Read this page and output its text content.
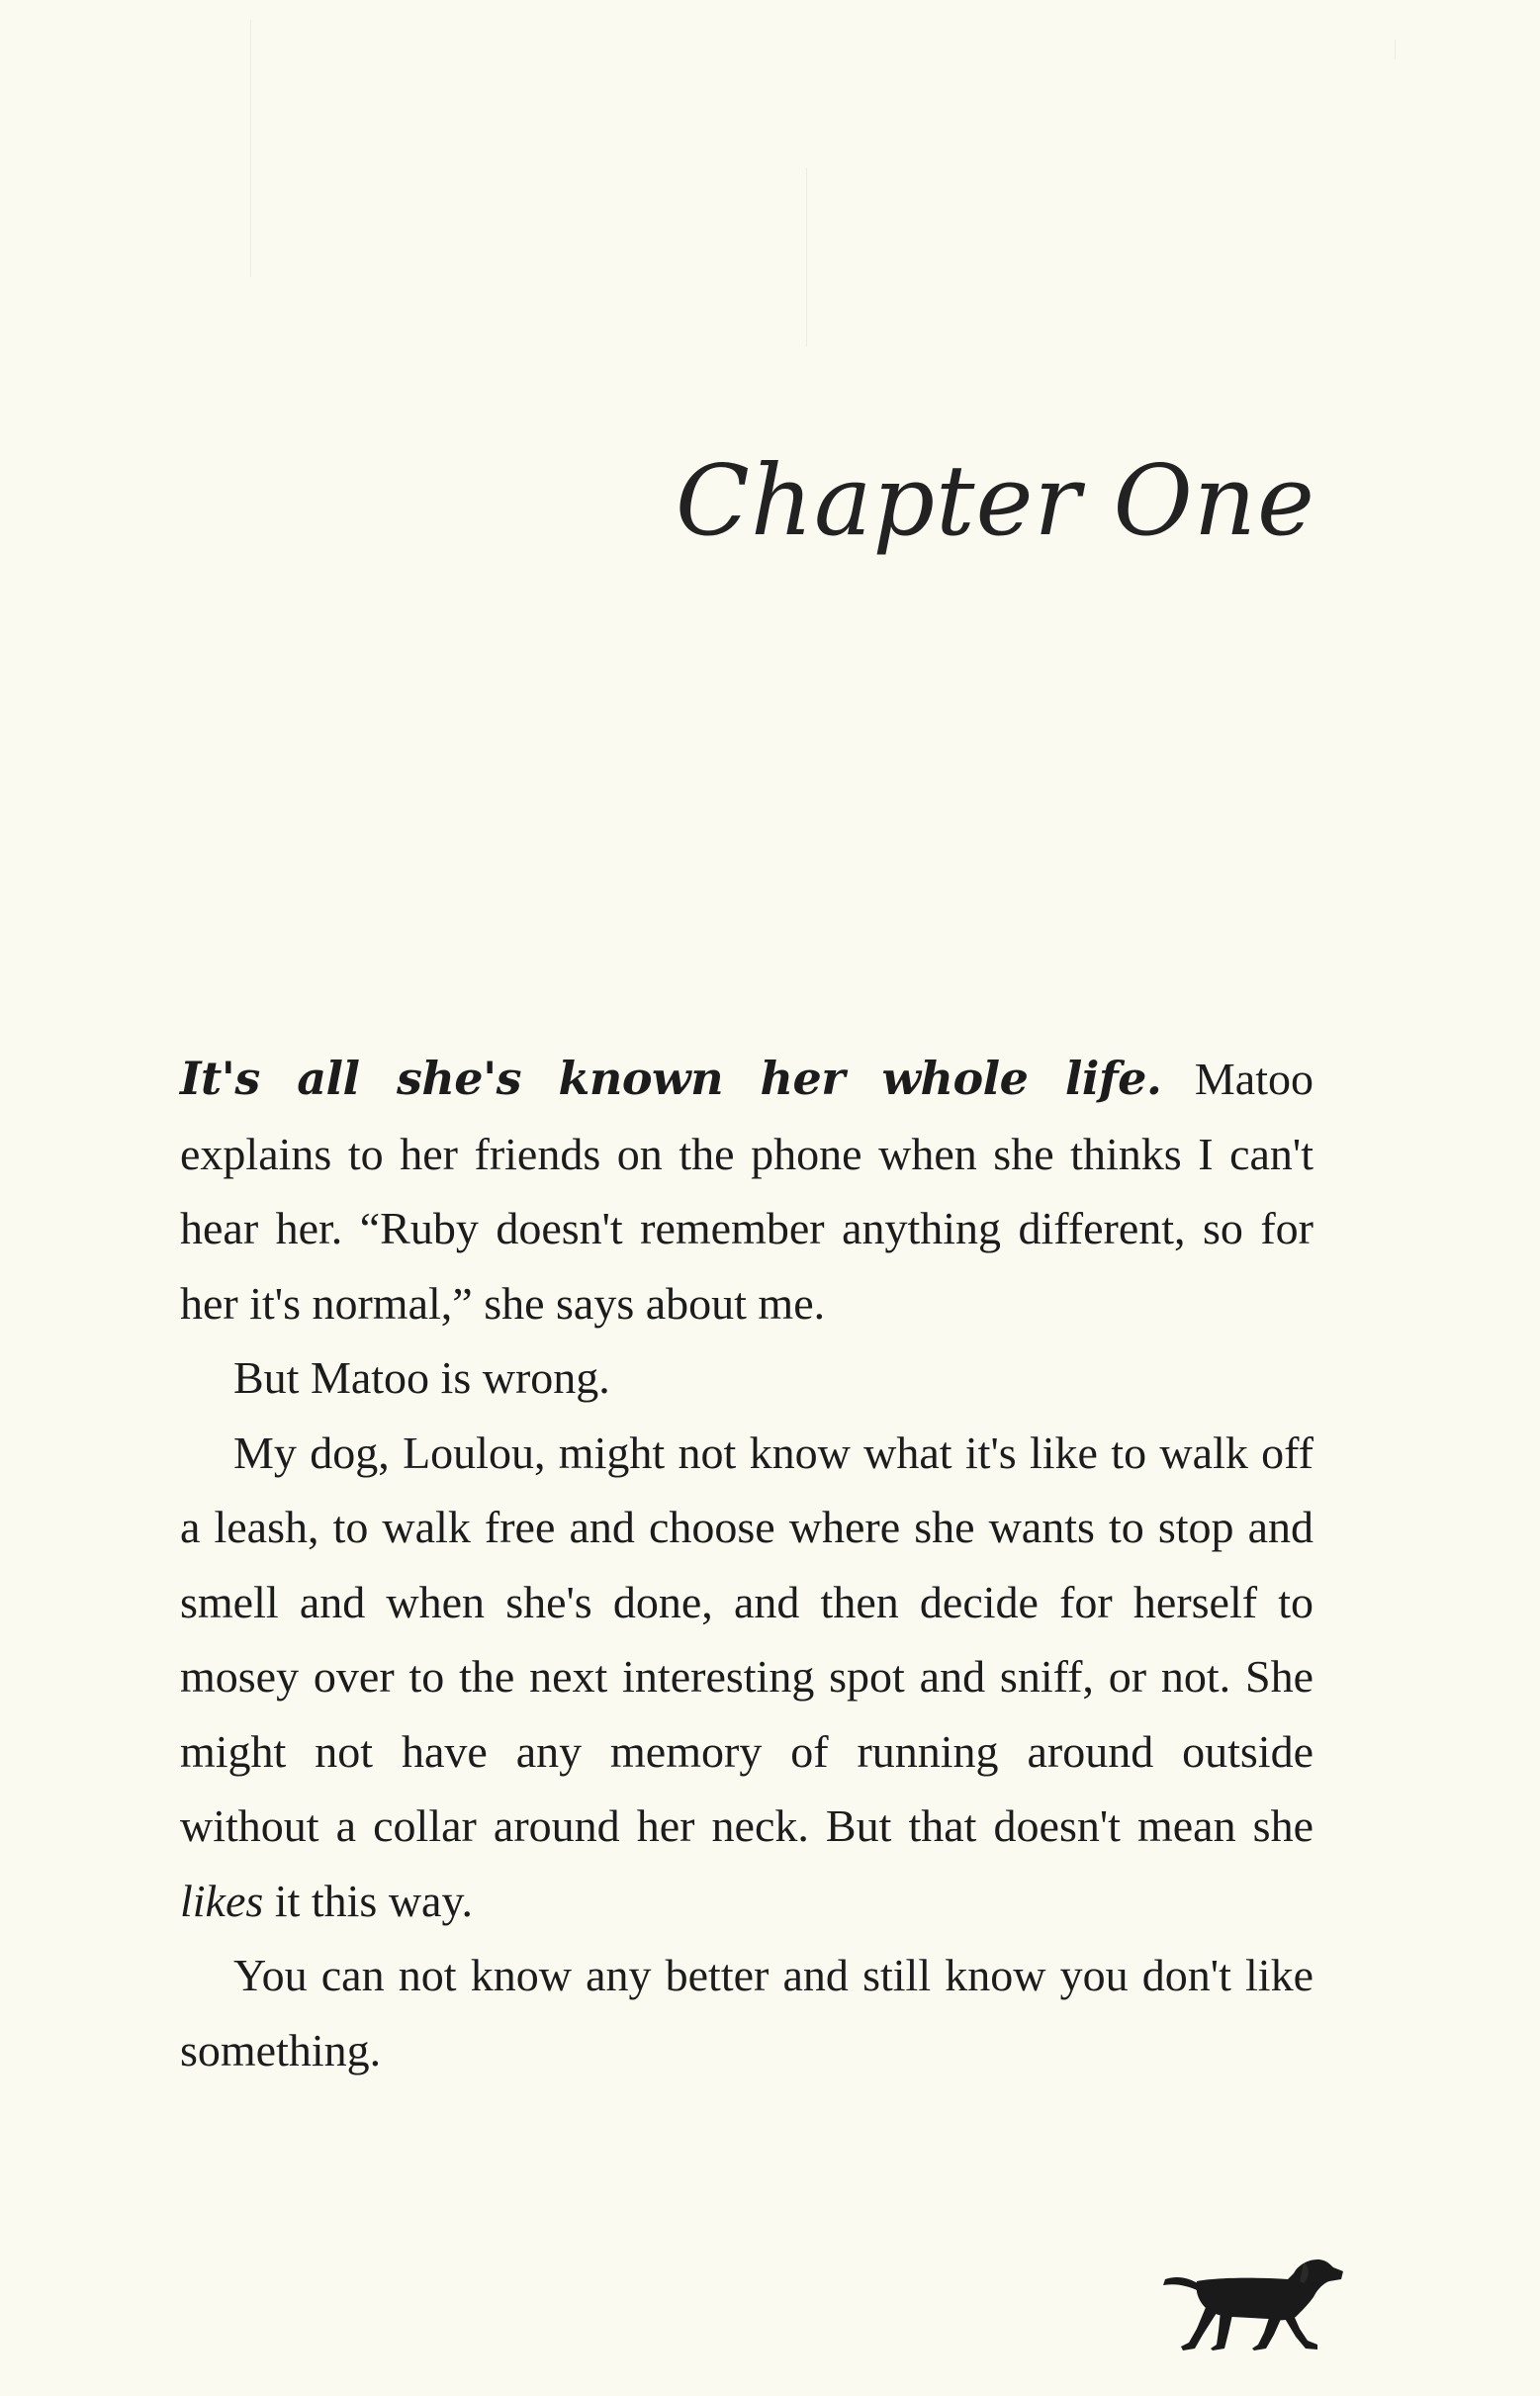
Chapter One

It's all she's known her whole life. Matoo explains to her friends on the phone when she thinks I can't hear her. “Ruby doesn't remember anything different, so for her it's normal,” she says about me.

But Matoo is wrong.

My dog, Loulou, might not know what it's like to walk off a leash, to walk free and choose where she wants to stop and smell and when she's done, and then decide for herself to mosey over to the next interesting spot and sniff, or not. She might not have any memory of running around outside without a collar around her neck. But that doesn't mean she likes it this way.

You can not know any better and still know you don't like something.
